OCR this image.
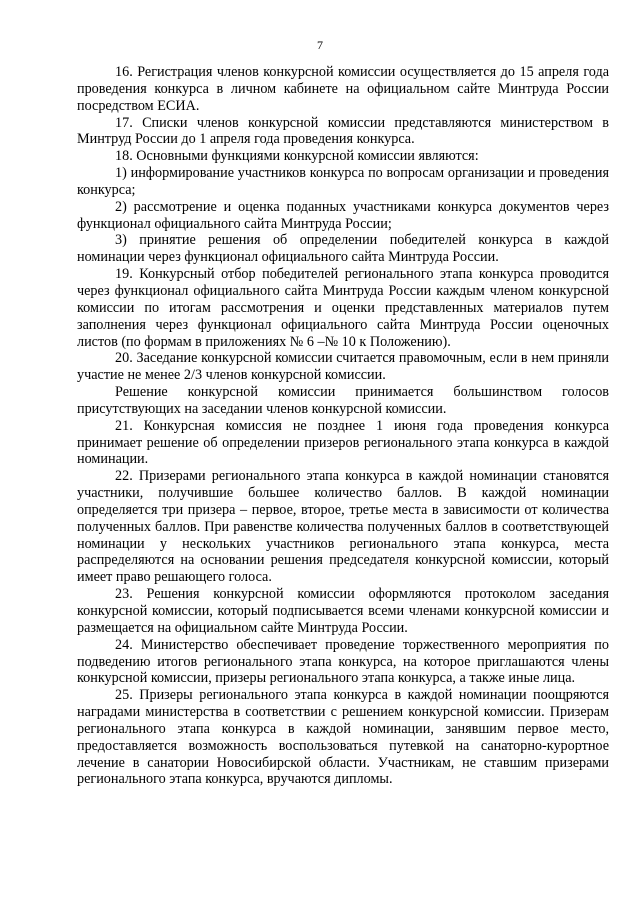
7

16. Регистрация членов конкурсной комиссии осуществляется до 15 апреля года проведения конкурса в личном кабинете на официальном сайте Минтруда России посредством ЕСИА.

17. Списки членов конкурсной комиссии представляются министерством в Минтруд России до 1 апреля года проведения конкурса.

18. Основными функциями конкурсной комиссии являются:

1) информирование участников конкурса по вопросам организации и проведения конкурса;

2) рассмотрение и оценка поданных участниками конкурса документов через функционал официального сайта Минтруда России;

3) принятие решения об определении победителей конкурса в каждой номинации через функционал официального сайта Минтруда России.

19. Конкурсный отбор победителей регионального этапа конкурса проводится через функционал официального сайта Минтруда России каждым членом конкурсной комиссии по итогам рассмотрения и оценки представленных материалов путем заполнения через функционал официального сайта Минтруда России оценочных листов (по формам в приложениях № 6 –№ 10 к Положению).

20. Заседание конкурсной комиссии считается правомочным, если в нем приняли участие не менее 2/3 членов конкурсной комиссии.

Решение конкурсной комиссии принимается большинством голосов присутствующих на заседании членов конкурсной комиссии.

21. Конкурсная комиссия не позднее 1 июня года проведения конкурса принимает решение об определении призеров регионального этапа конкурса в каждой номинации.

22. Призерами регионального этапа конкурса в каждой номинации становятся участники, получившие большее количество баллов. В каждой номинации определяется три призера – первое, второе, третье места в зависимости от количества полученных баллов. При равенстве количества полученных баллов в соответствующей номинации у нескольких участников регионального этапа конкурса, места распределяются на основании решения председателя конкурсной комиссии, который имеет право решающего голоса.

23. Решения конкурсной комиссии оформляются протоколом заседания конкурсной комиссии, который подписывается всеми членами конкурсной комиссии и размещается на официальном сайте Минтруда России.

24. Министерство обеспечивает проведение торжественного мероприятия по подведению итогов регионального этапа конкурса, на которое приглашаются члены конкурсной комиссии, призеры регионального этапа конкурса, а также иные лица.

25. Призеры регионального этапа конкурса в каждой номинации поощряются наградами министерства в соответствии с решением конкурсной комиссии. Призерам регионального этапа конкурса в каждой номинации, занявшим первое место, предоставляется возможность воспользоваться путевкой на санаторно-курортное лечение в санатории Новосибирской области. Участникам, не ставшим призерами регионального этапа конкурса, вручаются дипломы.
